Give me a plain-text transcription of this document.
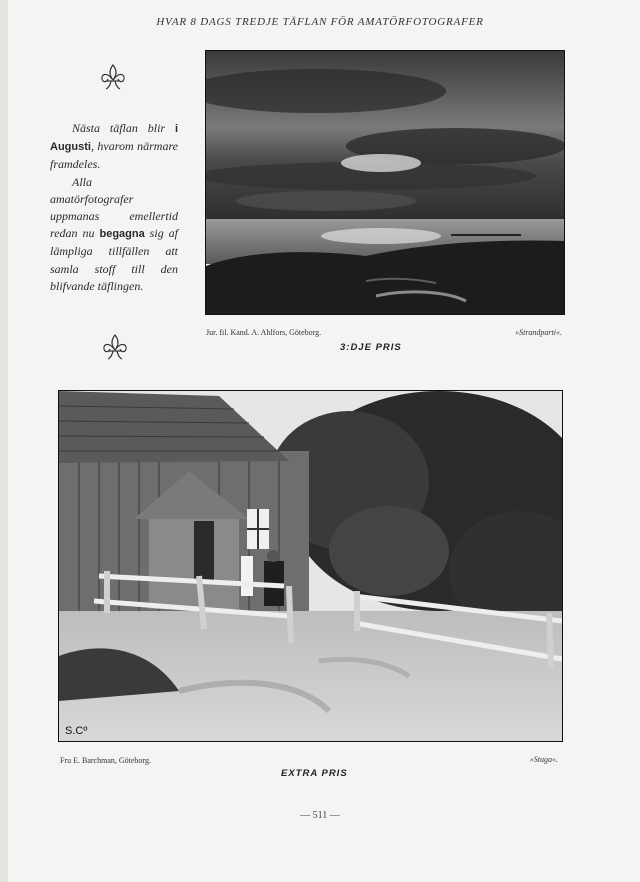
HVAR 8 DAGS TREDJE TÄFLAN FÖR AMATÖRFOTOGRAFER

Nästa täflan blir i Augusti, hvarom närmare framdeles.

Alla amatörfotografer uppmanas emellertid redan nu begagna sig af lämpliga tillfällen att samla stoff till den blifvande täflingen.

Jur. fil. Kand. A. Ahlfors, Göteborg.	»Strandparti«.
3:DJE PRIS
S.Cº
Fru E. Barchman, Göteborg.	»Stuga«.
EXTRA PRIS
— 511 —
